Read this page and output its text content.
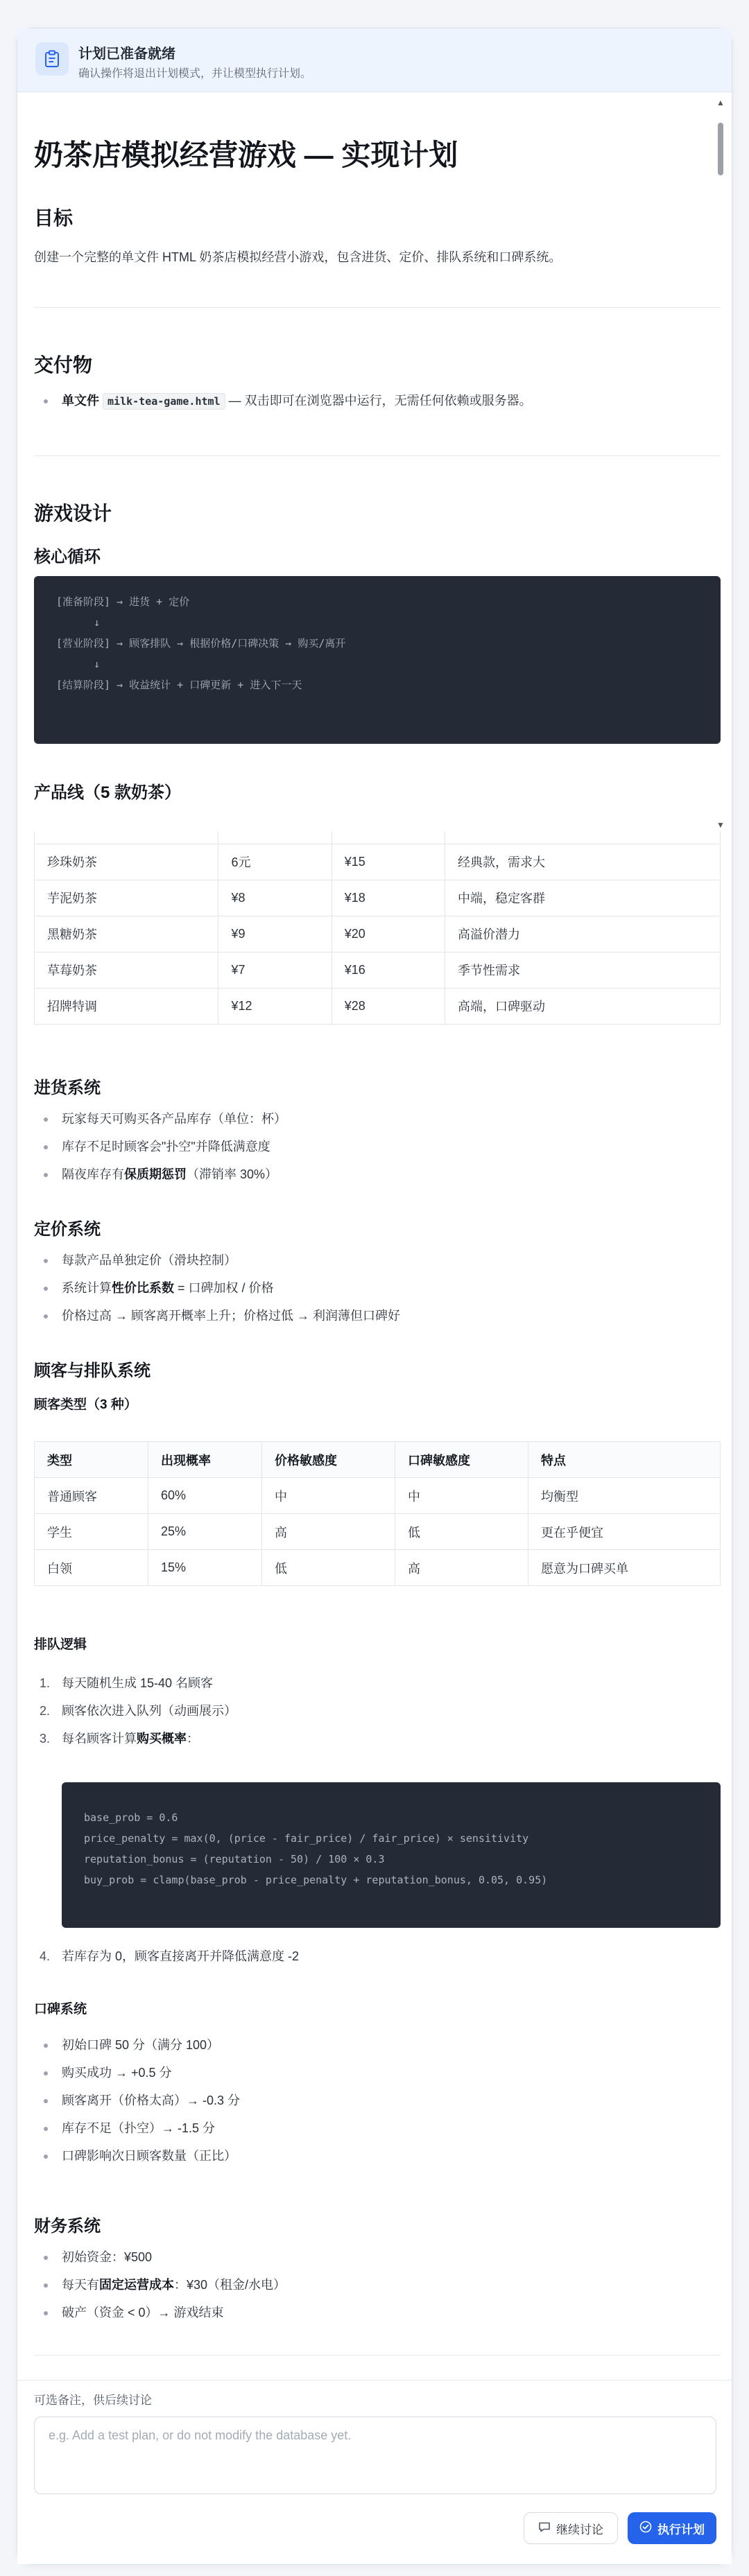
计划已准备就绪
确认操作将退出计划模式，并让模型执行计划。
▲
▼
奶茶店模拟经营游戏 — 实现计划
目标
创建一个完整的单文件 HTML 奶茶店模拟经营小游戏，包含进货、定价、排队系统和口碑系统。
交付物
单文件 milk-tea-game.html — 双击即可在浏览器中运行，无需任何依赖或服务器。
游戏设计
核心循环
[准备阶段] → 进货 + 定价
↓
[营业阶段] → 顾客排队 → 根据价格/口碑决策 → 购买/离开
↓
[结算阶段] → 收益统计 + 口碑更新 + 进入下一天
产品线（5 款奶茶）

珍珠奶茶	6元	¥15	经典款，需求大
芋泥奶茶	¥8	¥18	中端，稳定客群
黑糖奶茶	¥9	¥20	高溢价潜力
草莓奶茶	¥7	¥16	季节性需求
招牌特调	¥12	¥28	高端，口碑驱动
进货系统
玩家每天可购买各产品库存（单位：杯）
库存不足时顾客会"扑空"并降低满意度
隔夜库存有保质期惩罚（滞销率 30%）
定价系统
每款产品单独定价（滑块控制）
系统计算性价比系数 = 口碑加权 / 价格
价格过高 → 顾客离开概率上升；价格过低 → 利润薄但口碑好
顾客与排队系统
顾客类型（3 种）
类型	出现概率	价格敏感度	口碑敏感度	特点
普通顾客	60%	中	中	均衡型
学生	25%	高	低	更在乎便宜
白领	15%	低	高	愿意为口碑买单
排队逻辑
1. 每天随机生成 15-40 名顾客
2. 顾客依次进入队列（动画展示）
3. 每名顾客计算购买概率：
base_prob = 0.6
price_penalty = max(0, (price - fair_price) / fair_price) × sensitivity
reputation_bonus = (reputation - 50) / 100 × 0.3
buy_prob = clamp(base_prob - price_penalty + reputation_bonus, 0.05, 0.95)
4. 若库存为 0，顾客直接离开并降低满意度 -2
口碑系统
初始口碑 50 分（满分 100）
购买成功 → +0.5 分
顾客离开（价格太高）→ -0.3 分
库存不足（扑空）→ -1.5 分
口碑影响次日顾客数量（正比）
财务系统
初始资金：¥500
每天有固定运营成本：¥30（租金/水电）
破产（资金 < 0）→ 游戏结束
可选备注，供后续讨论
e.g. Add a test plan, or do not modify the database yet.
继续讨论	执行计划
